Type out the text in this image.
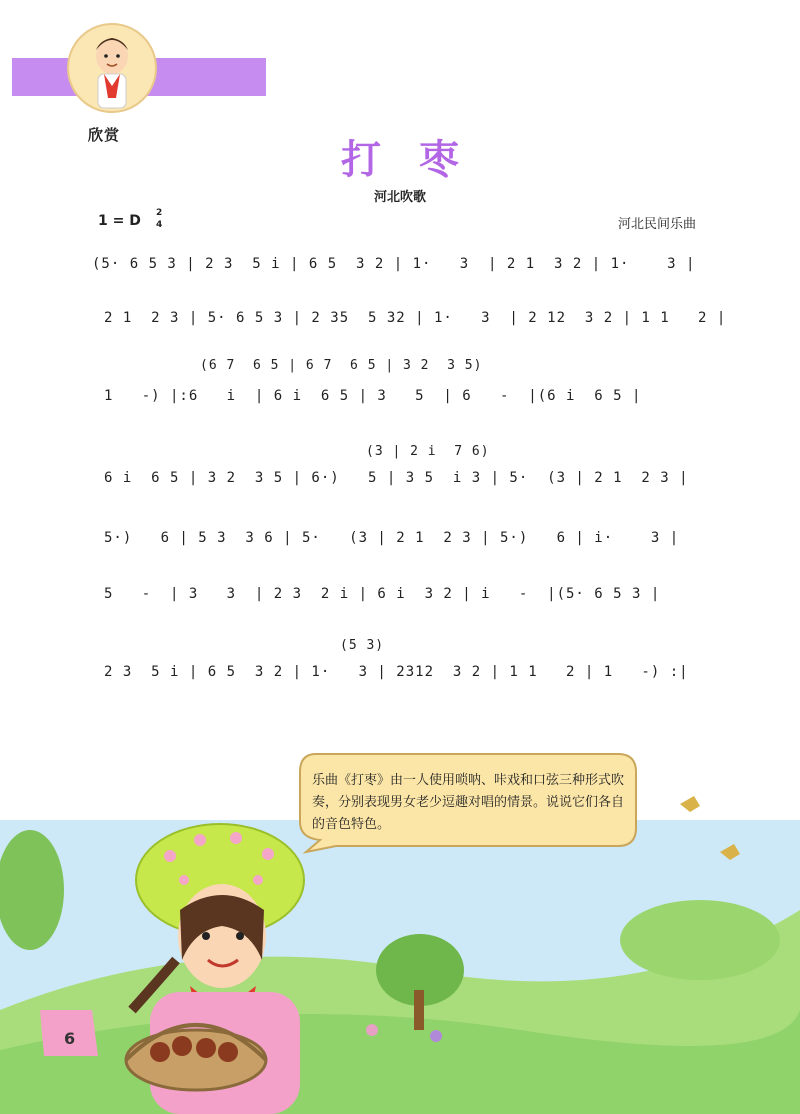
欣赏
打枣
河北吹歌
1 = D 2
4	河北民间乐曲
(5· 6 5 3 | 2 3  5 i | 6 5  3 2 | 1·   3  | 2 1  3 2 | 1·    3 |
2 1  2 3 | 5· 6 5 3 | 2 35  5 32 | 1·   3  | 2 12  3 2 | 1 1   2 |
(6 7  6 5 | 6 7  6 5 | 3 2  3 5)
1   -) |:6   i  | 6 i  6 5 | 3   5  | 6   -  |(6 i  6 5 |
(3 | 2 i  7 6)
6 i  6 5 | 3 2  3 5 | 6·)   5 | 3 5  i 3 | 5·  (3 | 2 1  2 3 |
5·)   6 | 5 3  3 6 | 5·   (3 | 2 1  2 3 | 5·)   6 | i·    3 |
5   -  | 3   3  | 2 3  2 i | 6 i  3 2 | i   -  |(5· 6 5 3 |
(5 3)
2 3  5 i | 6 5  3 2 | 1·   3 | 2312  3 2 | 1 1   2 | 1   -) :|
乐曲《打枣》由一人使用唢呐、咔戏和口弦三种形式吹奏，分别表现男女老少逗趣对唱的情景。说说它们各自的音色特色。
6
